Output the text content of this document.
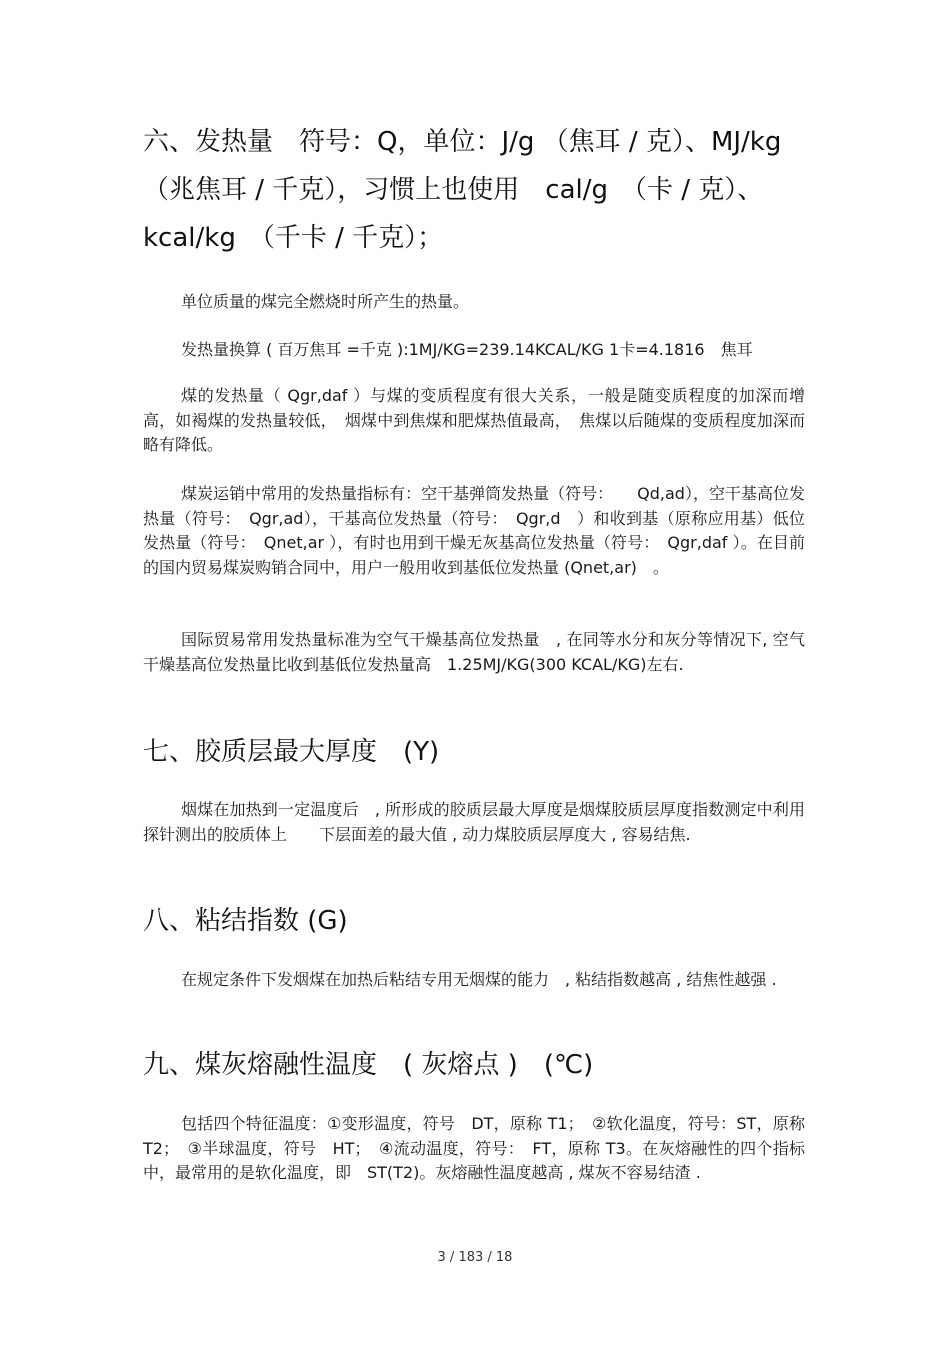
六、发热量　符号：Q，单位：J/g （焦耳 / 克）、MJ/kg （兆焦耳 / 千克），习惯上也使用　cal/g　（卡 / 克）、kcal/kg　（千卡 / 千克）；

单位质量的煤完全燃烧时所产生的热量。

发热量换算 ( 百万焦耳 =千克 ):1MJ/KG=239.14KCAL/KG 1卡=4.1816　焦耳

煤的发热量（ Qgr,daf ）与煤的变质程度有很大关系，一般是随变质程度的加深而增高，如褐煤的发热量较低，　烟煤中到焦煤和肥煤热值最高，　焦煤以后随煤的变质程度加深而略有降低。

煤炭运销中常用的发热量指标有：空干基弹筒发热量（符号：　　Qd,ad），空干基高位发热量（符号：　Qgr,ad），干基高位发热量（符号：　Qgr,d　）和收到基（原称应用基）低位发热量（符号：　Qnet,ar ），有时也用到干燥无灰基高位发热量（符号：　Qgr,daf ）。在目前的国内贸易煤炭购销合同中，用户一般用收到基低位发热量 (Qnet,ar)　。

国际贸易常用发热量标准为空气干燥基高位发热量　, 在同等水分和灰分等情况下, 空气干燥基高位发热量比收到基低位发热量高　1.25MJ/KG(300 KCAL/KG)左右.

七、胶质层最大厚度　(Y)

烟煤在加热到一定温度后　, 所形成的胶质层最大厚度是烟煤胶质层厚度指数测定中利用探针测出的胶质体上　　下层面差的最大值 , 动力煤胶质层厚度大 , 容易结焦.

八、粘结指数 (G)

在规定条件下发烟煤在加热后粘结专用无烟煤的能力　, 粘结指数越高 , 结焦性越强 .

九、煤灰熔融性温度　( 灰熔点 )　(℃)

包括四个特征温度：①变形温度，符号　DT，原称 T1；　②软化温度，符号：ST，原称 T2；　③半球温度，符号　HT；　④流动温度，符号：　FT，原称 T3。在灰熔融性的四个指标中，最常用的是软化温度，即　ST(T2)。灰熔融性温度越高 , 煤灰不容易结渣 .

3 / 183 / 18
